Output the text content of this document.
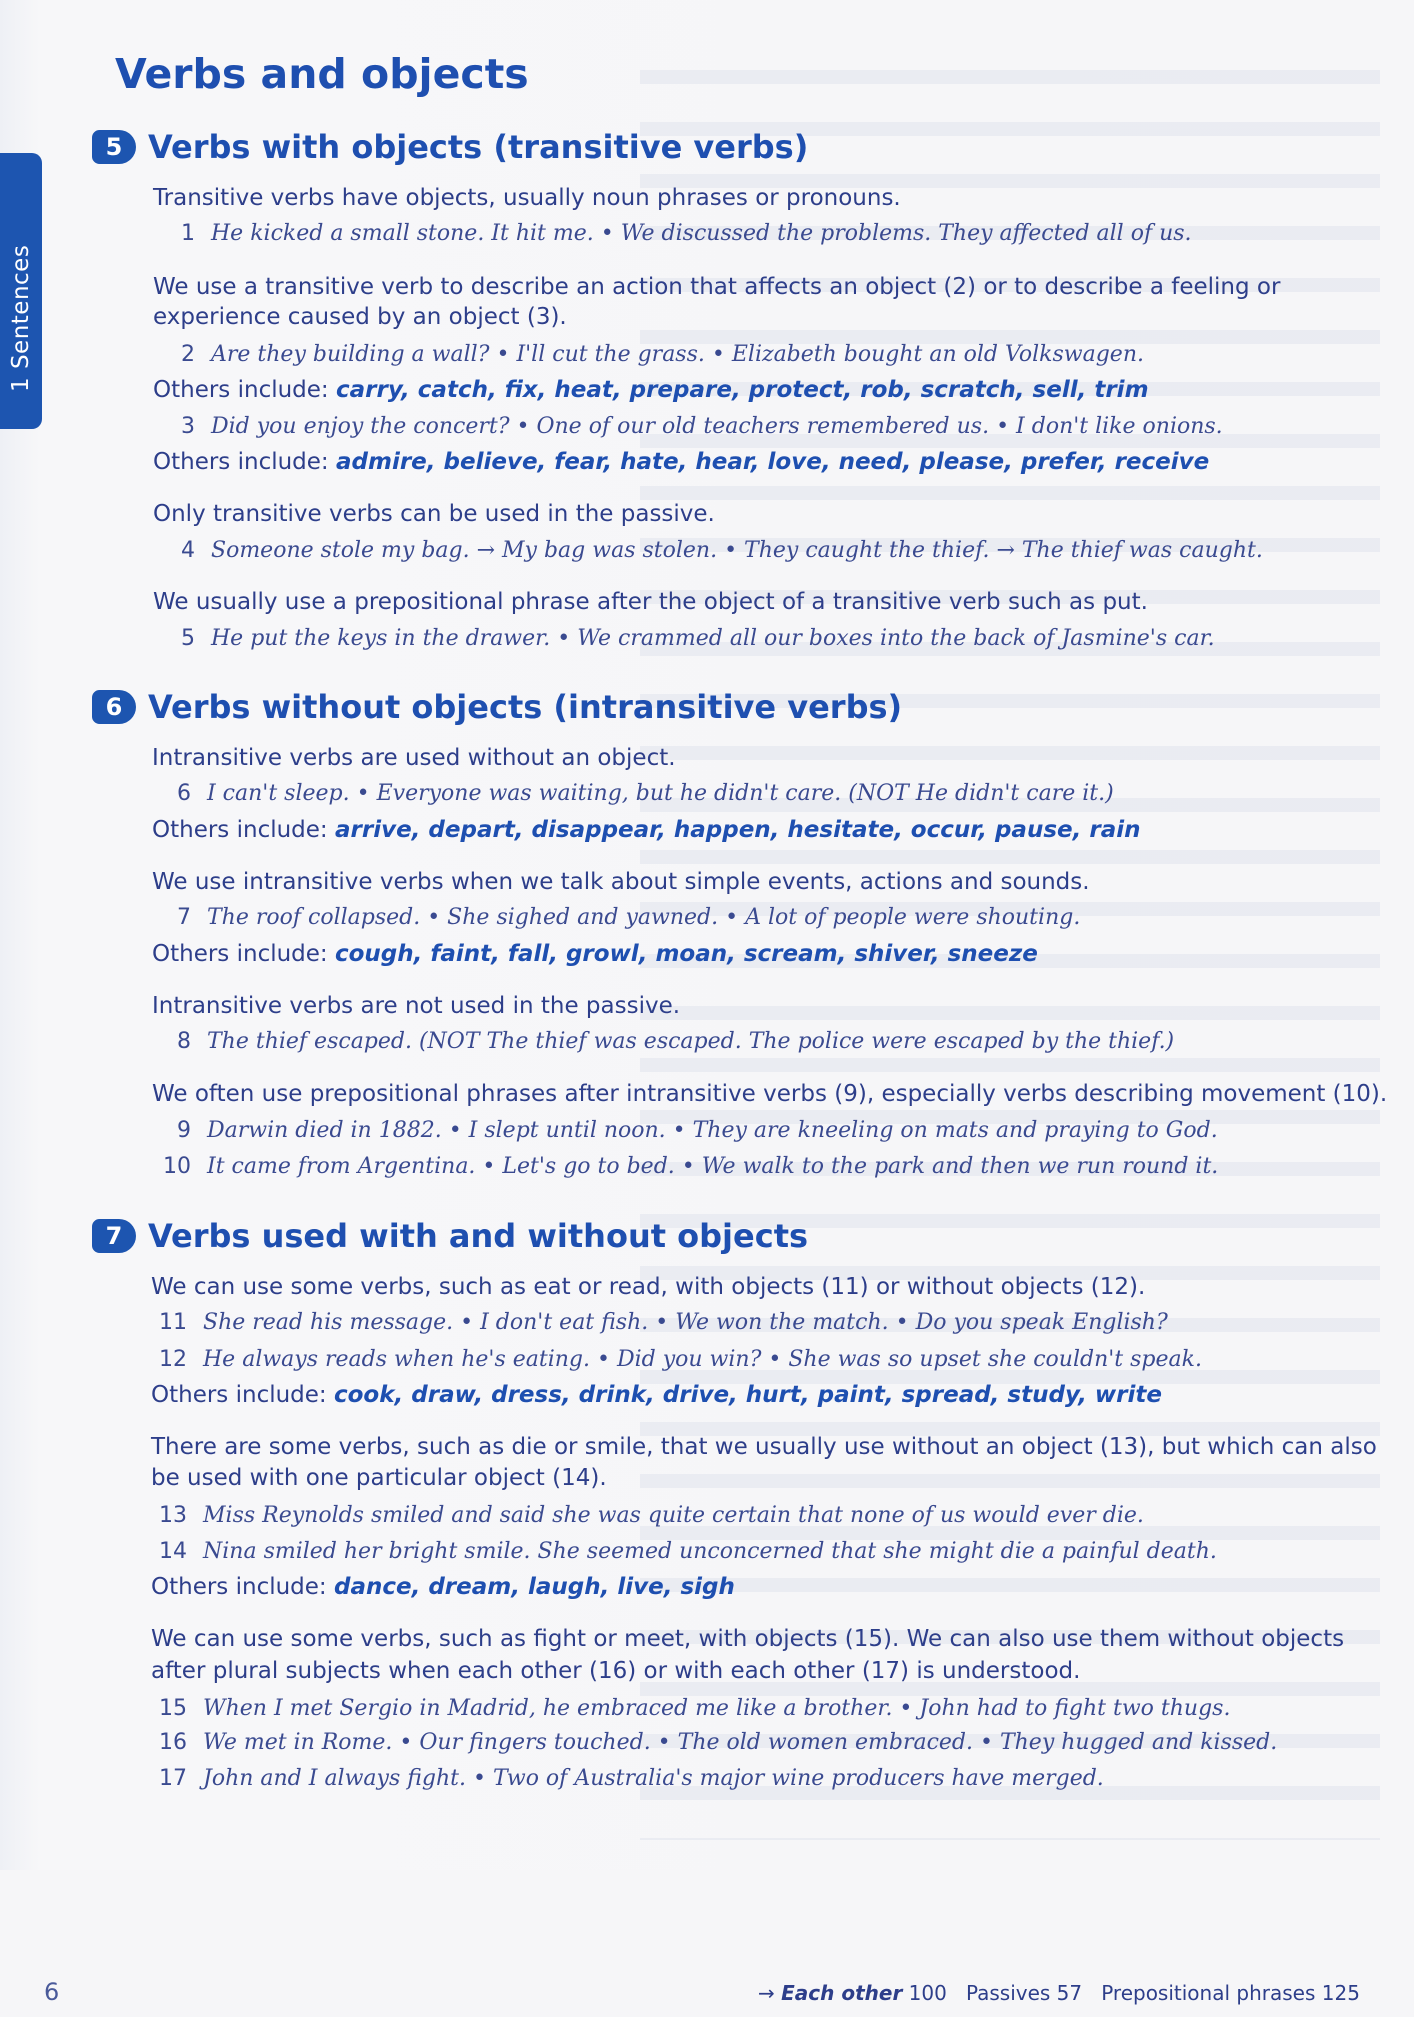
1 Sentences
Verbs and objects
5 Verbs with objects (transitive verbs)
Transitive verbs have objects, usually noun phrases or pronouns.
1 He kicked a small stone. It hit me. • We discussed the problems. They affected all of us.
We use a transitive verb to describe an action that affects an object (2) or to describe a feeling or
experience caused by an object (3).
2 Are they building a wall? • I'll cut the grass. • Elizabeth bought an old Volkswagen.
Others include: carry, catch, fix, heat, prepare, protect, rob, scratch, sell, trim
3 Did you enjoy the concert? • One of our old teachers remembered us. • I don't like onions.
Others include: admire, believe, fear, hate, hear, love, need, please, prefer, receive
Only transitive verbs can be used in the passive.
4 Someone stole my bag. → My bag was stolen. • They caught the thief. → The thief was caught.
We usually use a prepositional phrase after the object of a transitive verb such as put.
5 He put the keys in the drawer. • We crammed all our boxes into the back of Jasmine's car.
6 Verbs without objects (intransitive verbs)
Intransitive verbs are used without an object.
6 I can't sleep. • Everyone was waiting, but he didn't care. (NOT He didn't care it.)
Others include: arrive, depart, disappear, happen, hesitate, occur, pause, rain
We use intransitive verbs when we talk about simple events, actions and sounds.
7 The roof collapsed. • She sighed and yawned. • A lot of people were shouting.
Others include: cough, faint, fall, growl, moan, scream, shiver, sneeze
Intransitive verbs are not used in the passive.
8 The thief escaped. (NOT The thief was escaped. The police were escaped by the thief.)
We often use prepositional phrases after intransitive verbs (9), especially verbs describing movement (10).
9 Darwin died in 1882. • I slept until noon. • They are kneeling on mats and praying to God.
10 It came from Argentina. • Let's go to bed. • We walk to the park and then we run round it.
7 Verbs used with and without objects
We can use some verbs, such as eat or read, with objects (11) or without objects (12).
11 She read his message. • I don't eat fish. • We won the match. • Do you speak English?
12 He always reads when he's eating. • Did you win? • She was so upset she couldn't speak.
Others include: cook, draw, dress, drink, drive, hurt, paint, spread, study, write
There are some verbs, such as die or smile, that we usually use without an object (13), but which can also
be used with one particular object (14).
13 Miss Reynolds smiled and said she was quite certain that none of us would ever die.
14 Nina smiled her bright smile. She seemed unconcerned that she might die a painful death.
Others include: dance, dream, laugh, live, sigh
We can use some verbs, such as fight or meet, with objects (15). We can also use them without objects
after plural subjects when each other (16) or with each other (17) is understood.
15 When I met Sergio in Madrid, he embraced me like a brother. • John had to fight two thugs.
16 We met in Rome. • Our fingers touched. • The old women embraced. • They hugged and kissed.
17 John and I always fight. • Two of Australia's major wine producers have merged.
6	→ Each other 100 Passives 57 Prepositional phrases 125
